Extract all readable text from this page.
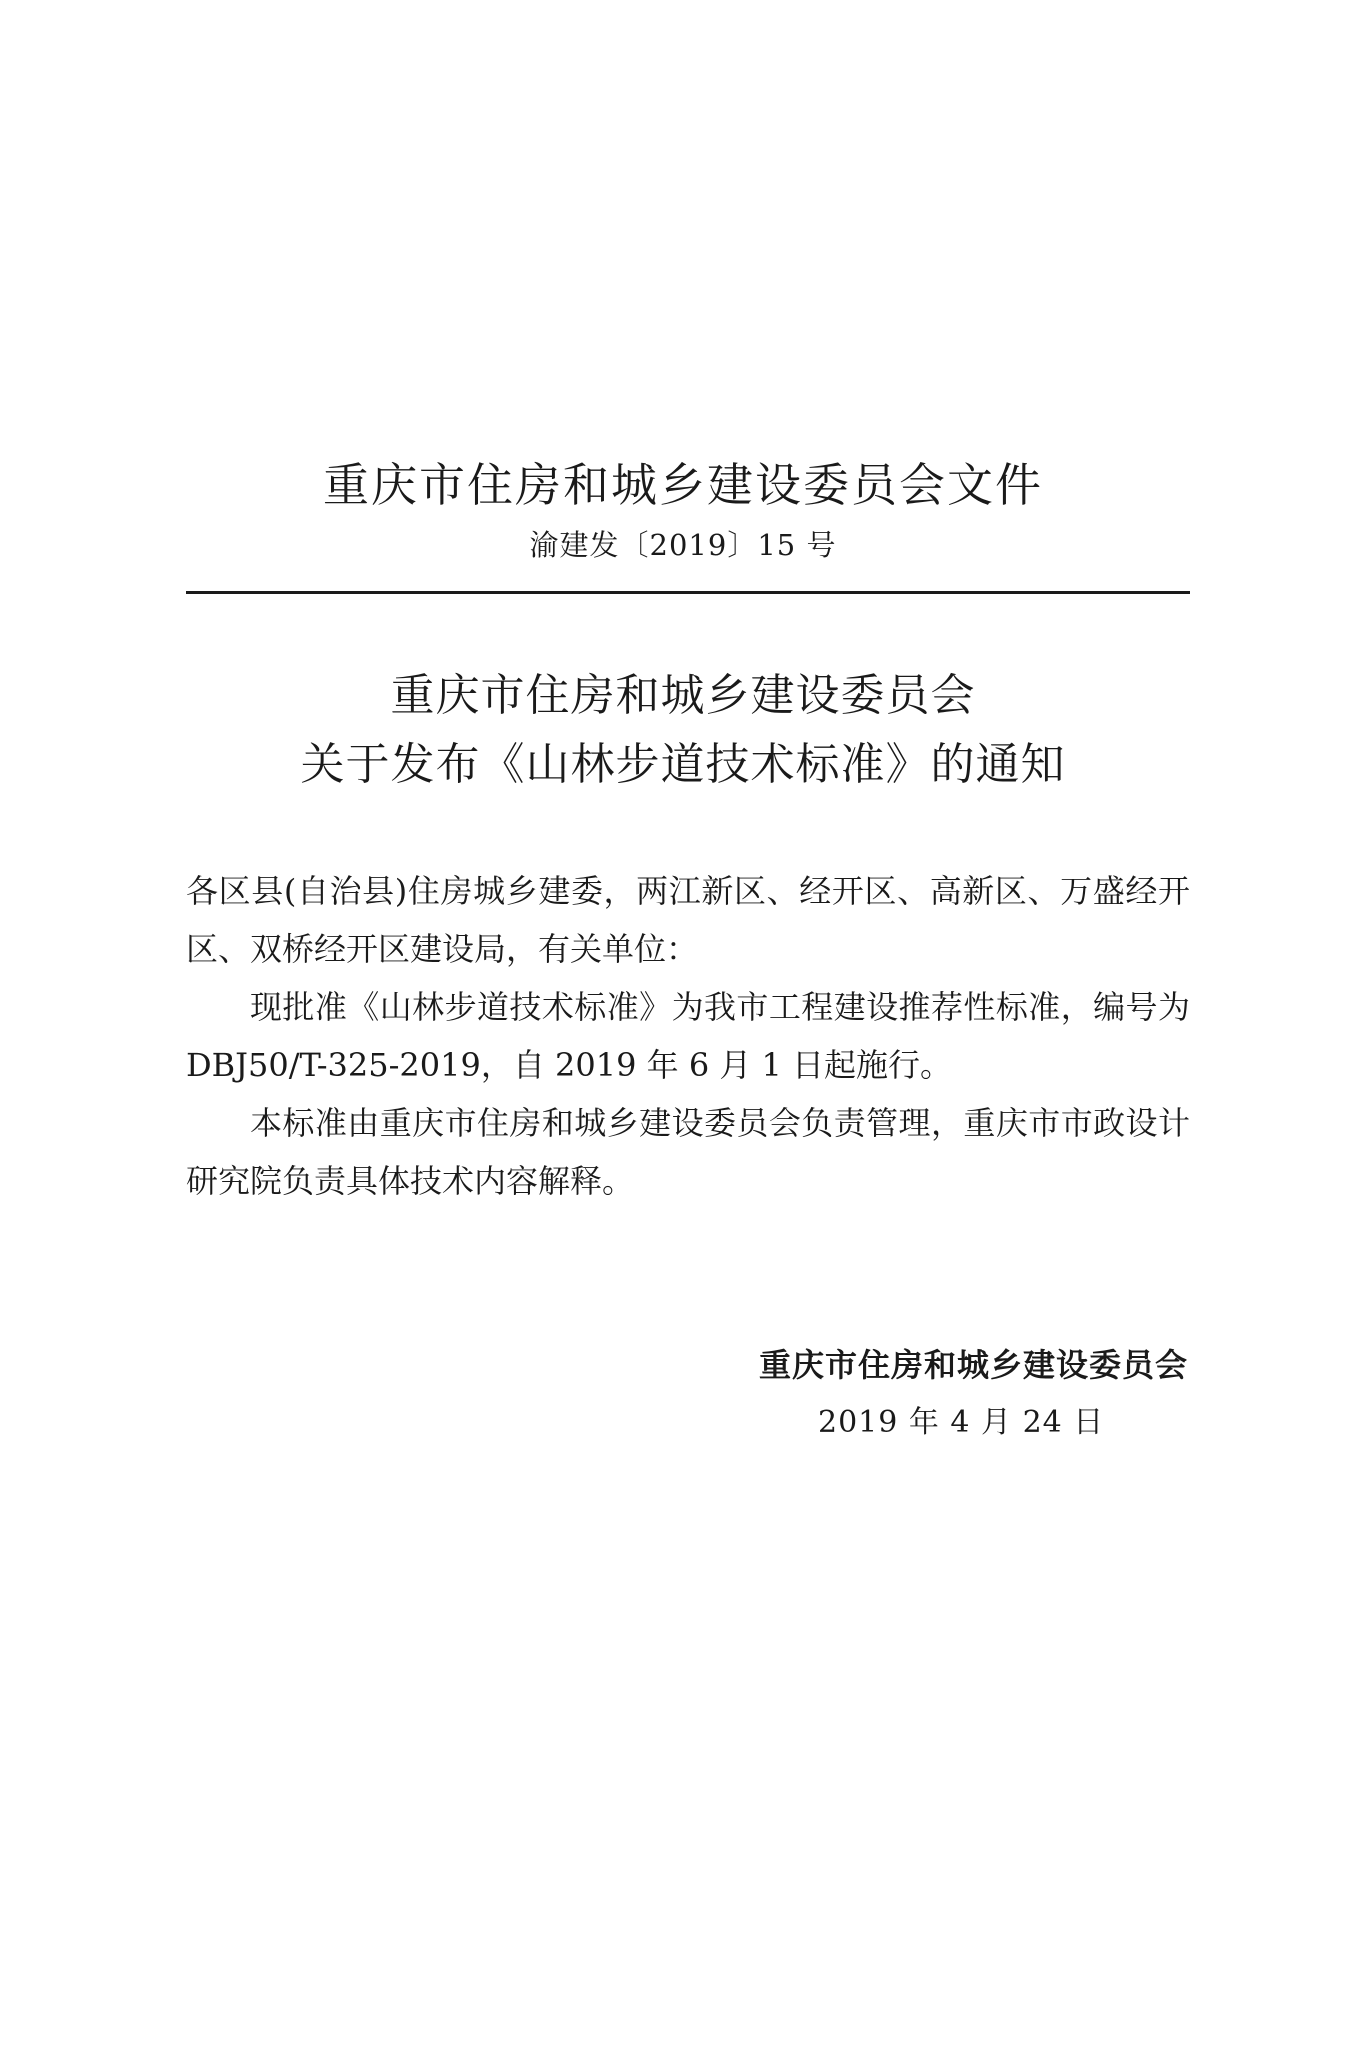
重庆市住房和城乡建设委员会文件
渝建发〔2019〕15 号
重庆市住房和城乡建设委员会
关于发布《山林步道技术标准》的通知

各区县(自治县)住房城乡建委，两江新区、经开区、高新区、万盛经开区、双桥经开区建设局，有关单位：

现批准《山林步道技术标准》为我市工程建设推荐性标准，编号为 DBJ50/T-325-2019，自 2019 年 6 月 1 日起施行。

本标准由重庆市住房和城乡建设委员会负责管理，重庆市市政设计研究院负责具体技术内容解释。

重庆市住房和城乡建设委员会
2019 年 4 月 24 日
